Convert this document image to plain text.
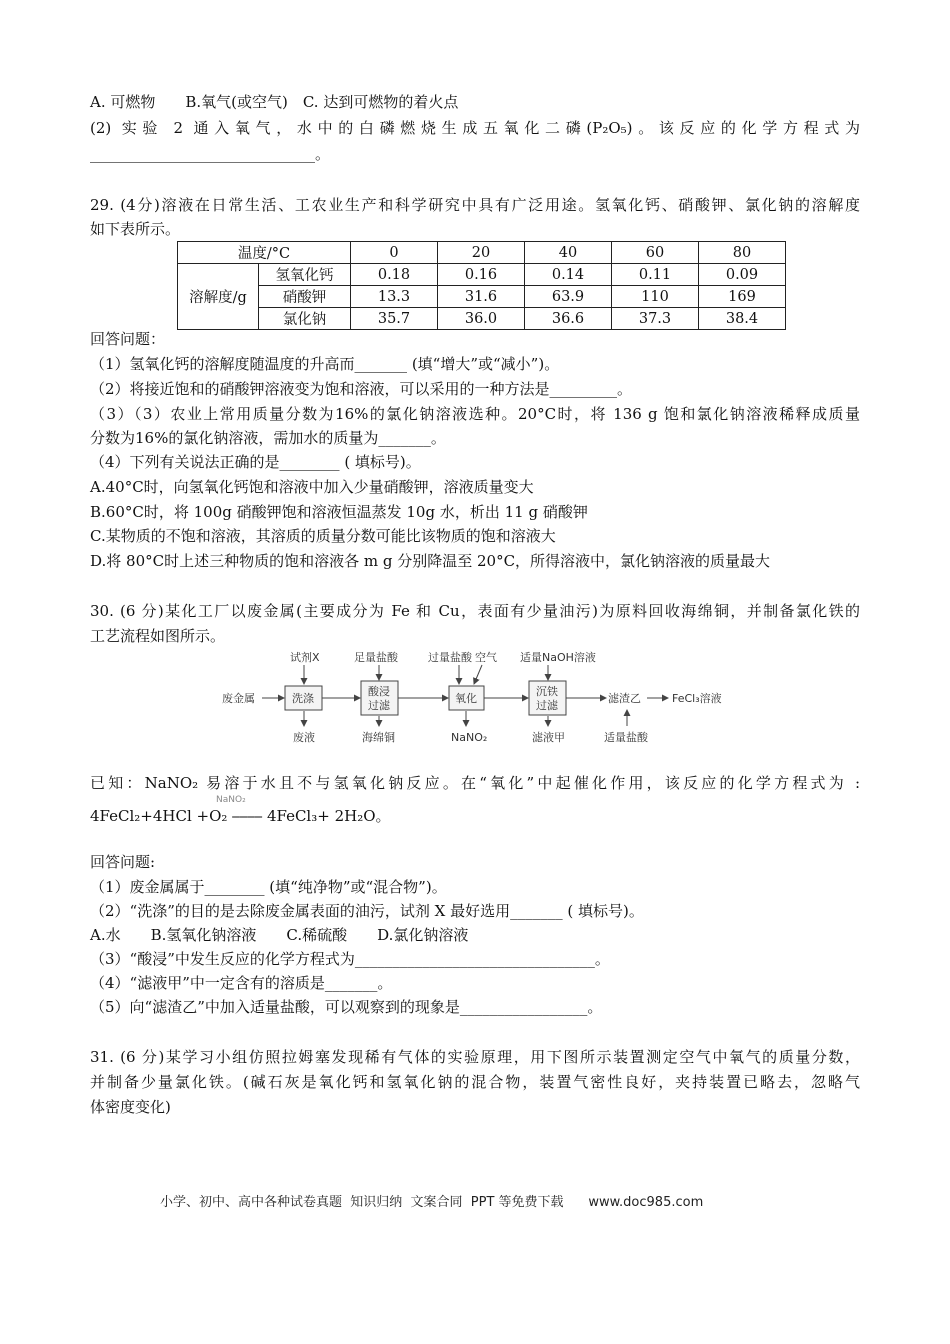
A. 可燃物　　B.氧气(或空气)　C. 达到可燃物的着火点
(2) 实验 2 通入氧气，水中的白磷燃烧生成五氧化二磷(P₂O₅)。该反应的化学方程式为
______________________________。
29. (4分)溶液在日常生活、工农业生产和科学研究中具有广泛用途。氢氧化钙、硝酸钾、氯化钠的溶解度
如下表所示。
温度/°C		0	20	40	60	80
溶解度/g	氢氧化钙	0.18	0.16	0.14	0.11	0.09
	硝酸钾	13.3	31.6	63.9	110	169
	氯化钠	35.7	36.0	36.6	37.3	38.4
回答问题：
（1）氢氧化钙的溶解度随温度的升高而_______ (填“增大”或“减小”)。
（2）将接近饱和的硝酸钾溶液变为饱和溶液，可以采用的一种方法是_________。
（3）（3）农业上常用质量分数为16%的氯化钠溶液选种。20°C时，将 136 g 饱和氯化钠溶液稀释成质量
分数为16%的氯化钠溶液，需加水的质量为_______。
（4）下列有关说法正确的是________ ( 填标号)。
A.40°C时，向氢氧化钙饱和溶液中加入少量硝酸钾，溶液质量变大
B.60°C时，将 100g 硝酸钾饱和溶液恒温蒸发 10g 水，析出 11 g 硝酸钾
C.某物质的不饱和溶液，其溶质的质量分数可能比该物质的饱和溶液大
D.将 80°C时上述三种物质的饱和溶液各 m g 分别降温至 20°C，所得溶液中，氯化钠溶液的质量最大
30. (6 分)某化工厂以废金属(主要成分为 Fe 和 Cu，表面有少量油污)为原料回收海绵铜，并制备氯化铁的
工艺流程如图所示。
废金属
试剂X	足量盐酸	过量盐酸 空气 适量NaOH溶液
洗涤
酸浸
过滤
氧化
沉铁
过滤
废液	海绵铜	NaNO₂	滤液甲
滤渣乙	FeCl₃溶液
适量盐酸
已知：NaNO₂ 易溶于水且不与氢氧化钠反应。在“氧化”中起催化作用，该反应的化学方程式为 :
4FeCl₂+4HCl +O₂ ⎯⎯⎯⎯ 4FeCl₃+ 2H₂O。
NaNO₂
回答问题:
（1）废金属属于________ (填“纯净物”或“混合物”)。
（2）“洗涤”的目的是去除废金属表面的油污，试剂 X 最好选用_______ ( 填标号)。
A.水　　B.氢氧化钠溶液　　C.稀硫酸　　D.氯化钠溶液
（3）“酸浸”中发生反应的化学方程式为________________________________。
（4）“滤液甲”中一定含有的溶质是_______。
（5）向“滤渣乙”中加入适量盐酸，可以观察到的现象是_________________。
31. (6 分)某学习小组仿照拉姆塞发现稀有气体的实验原理，用下图所示装置测定空气中氧气的质量分数，
并制备少量氯化铁。(碱石灰是氧化钙和氢氧化钠的混合物，装置气密性良好，夹持装置已略去，忽略气
体密度变化)
小学、初中、高中各种试卷真题  知识归纳  文案合同  PPT 等免费下载      www.doc985.com
